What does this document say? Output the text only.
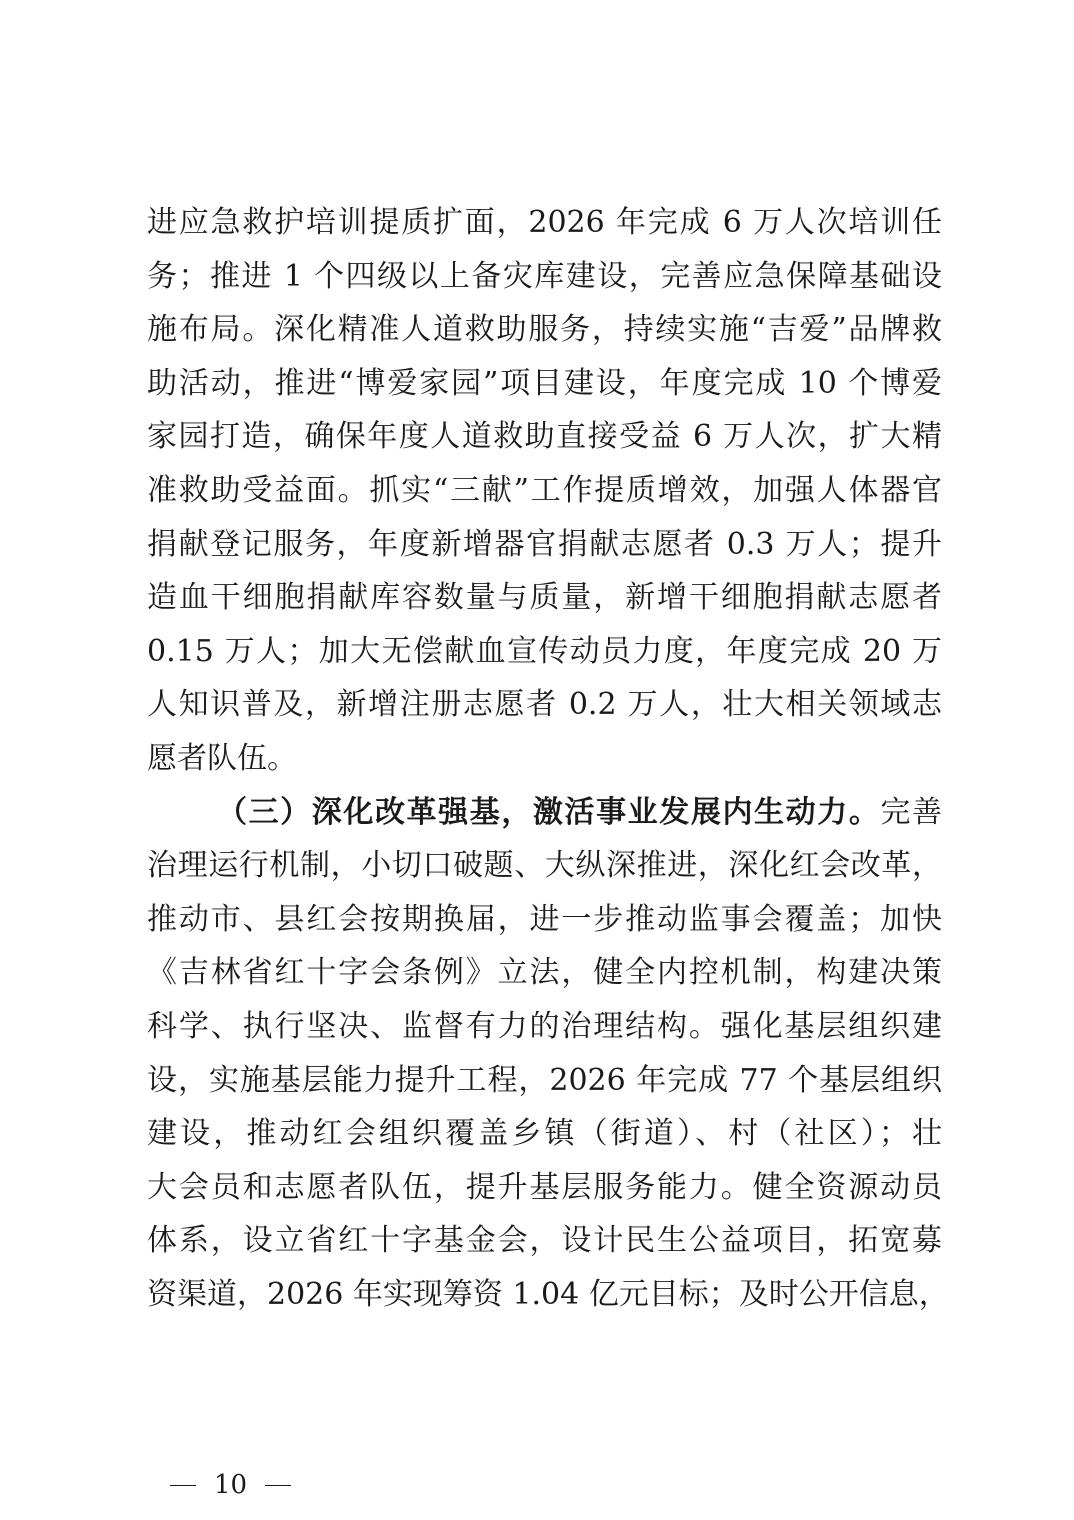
进应急救护培训提质扩面，2026 年完成 6 万人次培训任
务；推进 1 个四级以上备灾库建设，完善应急保障基础设
施布局。深化精准人道救助服务，持续实施“吉爱”品牌救
助活动，推进“博爱家园”项目建设，年度完成 10 个博爱
家园打造，确保年度人道救助直接受益 6 万人次，扩大精
准救助受益面。抓实“三献”工作提质增效，加强人体器官
捐献登记服务，年度新增器官捐献志愿者 0.3 万人；提升
造血干细胞捐献库容数量与质量，新增干细胞捐献志愿者
0.15 万人；加大无偿献血宣传动员力度，年度完成 20 万
人知识普及，新增注册志愿者 0.2 万人，壮大相关领域志
愿者队伍。
（三）深化改革强基，激活事业发展内生动力。完善
治理运行机制，小切口破题、大纵深推进，深化红会改革，
推动市、县红会按期换届，进一步推动监事会覆盖；加快
《吉林省红十字会条例》立法，健全内控机制，构建决策
科学、执行坚决、监督有力的治理结构。强化基层组织建
设，实施基层能力提升工程，2026 年完成 77 个基层组织
建设，推动红会组织覆盖乡镇（街道）、村（社区）；壮
大会员和志愿者队伍，提升基层服务能力。健全资源动员
体系，设立省红十字基金会，设计民生公益项目，拓宽募
资渠道，2026 年实现筹资 1.04 亿元目标；及时公开信息，
10
